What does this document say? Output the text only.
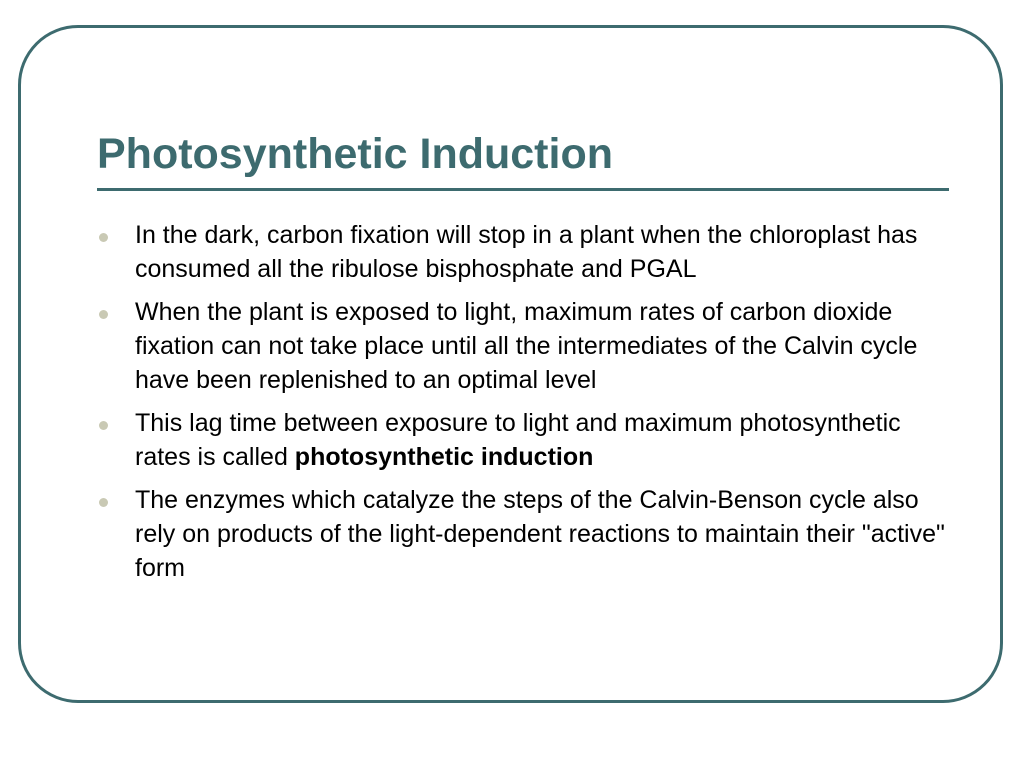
Photosynthetic Induction
In the dark, carbon fixation will stop in a plant when the chloroplast has consumed all the ribulose bisphosphate and PGAL
When the plant is exposed to light, maximum rates of carbon dioxide fixation can not take place until all the intermediates of the Calvin cycle have been replenished to an optimal level
This lag time between exposure to light and maximum photosynthetic rates is called photosynthetic induction
The enzymes which catalyze the steps of the Calvin-Benson cycle also rely on products of the light-dependent reactions to maintain their "active" form
